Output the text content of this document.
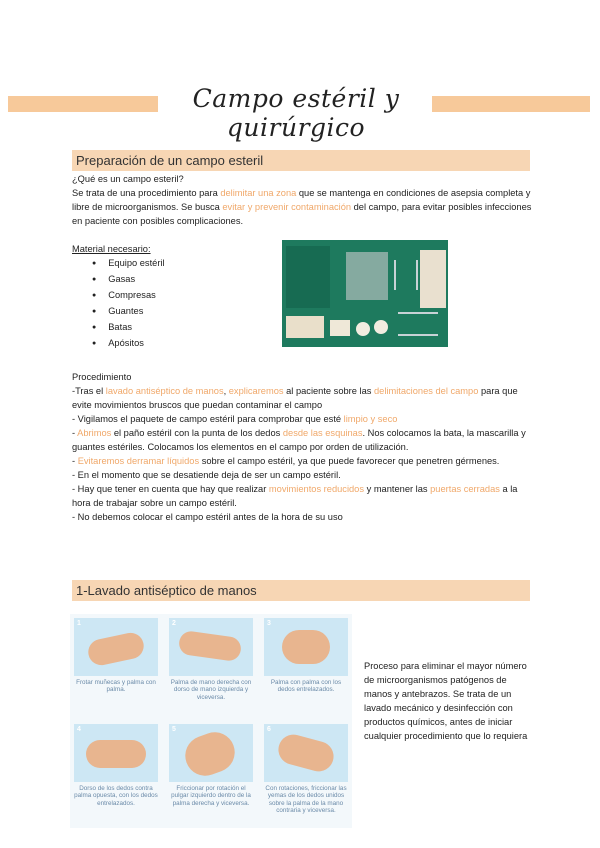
Campo estéril y quirúrgico
Preparación de un campo esteril
¿Qué es un campo esteril?
Se trata de una procedimiento para delimitar una zona que se mantenga en condiciones de asepsia completa y libre de microorganismos. Se busca evitar y prevenir contaminación del campo, para evitar posibles infecciones en paciente con posibles complicaciones.
Material necesario:
● Equipo estéril
● Gasas
● Compresas
● Guantes
● Batas
● Apósitos
Procedimiento
-Tras el lavado antiséptico de manos, explicaremos al paciente sobre las delimitaciones del campo para que evite movimientos bruscos que puedan contaminar el campo
- Vigilamos el paquete de campo estéril para comprobar que esté limpio y seco
- Abrimos el paño estéril con la punta de los dedos desde las esquinas. Nos colocamos la bata, la mascarilla y guantes estériles. Colocamos los elementos en el campo por orden de utilización.
- Evitaremos derramar líquidos sobre el campo estéril, ya que puede favorecer que penetren gérmenes.
- En el momento que se desatiende deja de ser un campo estéril.
- Hay que tener en cuenta que hay que realizar movimientos reducidos y mantener las puertas cerradas a la hora de trabajar sobre un campo estéril.
- No debemos colocar el campo estéril antes de la hora de su uso
1-Lavado antiséptico de manos
1
Frotar muñecas y palma con palma.
2
Palma de mano derecha con dorso de mano izquierda y viceversa.
3
Palma con palma con los dedos entrelazados.
4
Dorso de los dedos contra palma opuesta, con los dedos entrelazados.
5
Friccionar por rotación el pulgar izquierdo dentro de la palma derecha y viceversa.
6
Con rotaciones, friccionar las yemas de los dedos unidos sobre la palma de la mano contraria y viceversa.
Proceso para eliminar el mayor número de microorganismos patógenos de manos y antebrazos. Se trata de un lavado mecánico y desinfección con productos químicos, antes de iniciar cualquier procedimiento que lo requiera
